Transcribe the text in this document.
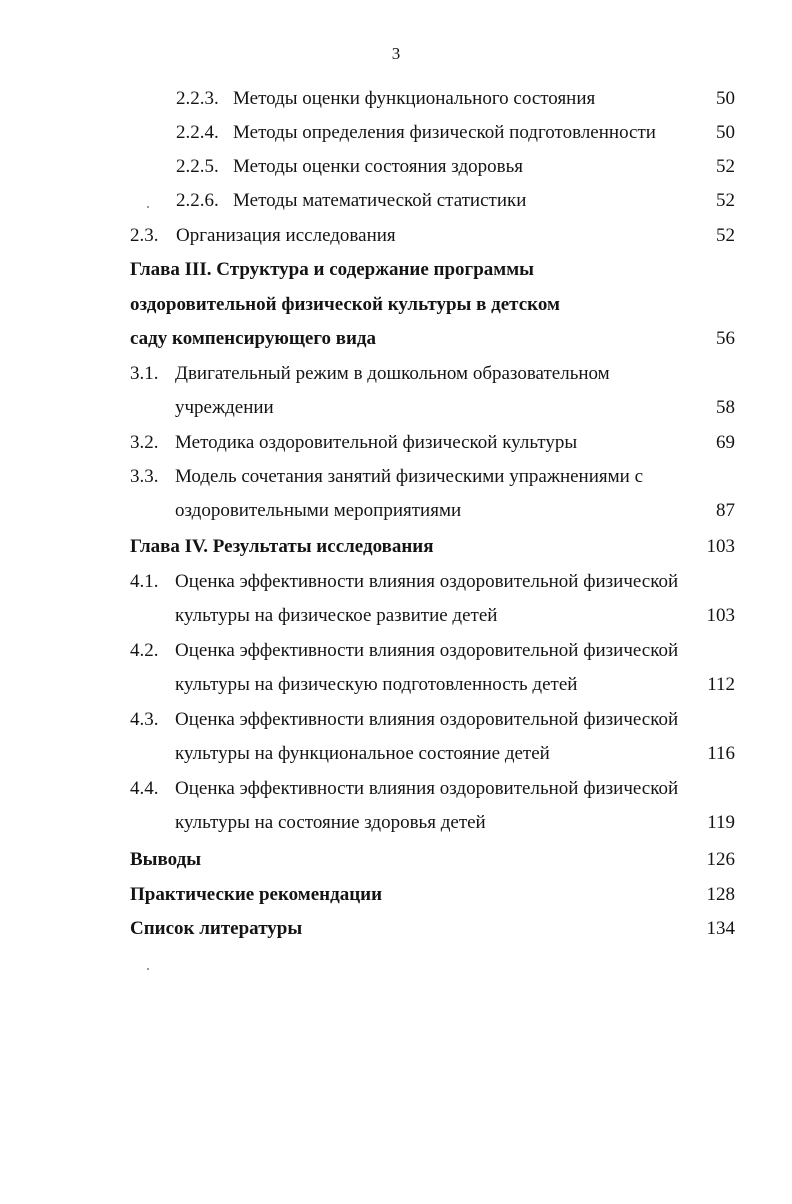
3
2.2.3. Методы оценки функционального состояния	50
2.2.4. Методы определения физической подготовленности	50
2.2.5. Методы оценки состояния здоровья	52
2.2.6. Методы математической статистики	52
2.3. Организация исследования	52
Глава III. Структура и содержание программы
оздоровительной физической культуры в детском
саду компенсирующего вида	56
3.1. Двигательный режим в дошкольном образовательном
учреждении	58
3.2. Методика оздоровительной физической культуры	69
3.3. Модель сочетания занятий физическими упражнениями с
оздоровительными мероприятиями	87
Глава IV. Результаты исследования	103
4.1. Оценка эффективности влияния оздоровительной физической
культуры на физическое развитие детей	103
4.2. Оценка эффективности влияния оздоровительной физической
культуры на физическую подготовленность детей	112
4.3. Оценка эффективности влияния оздоровительной физической
культуры на функциональное состояние детей	116
4.4. Оценка эффективности влияния оздоровительной физической
культуры на состояние здоровья детей	119
Выводы	126
Практические рекомендации	128
Список литературы	134
